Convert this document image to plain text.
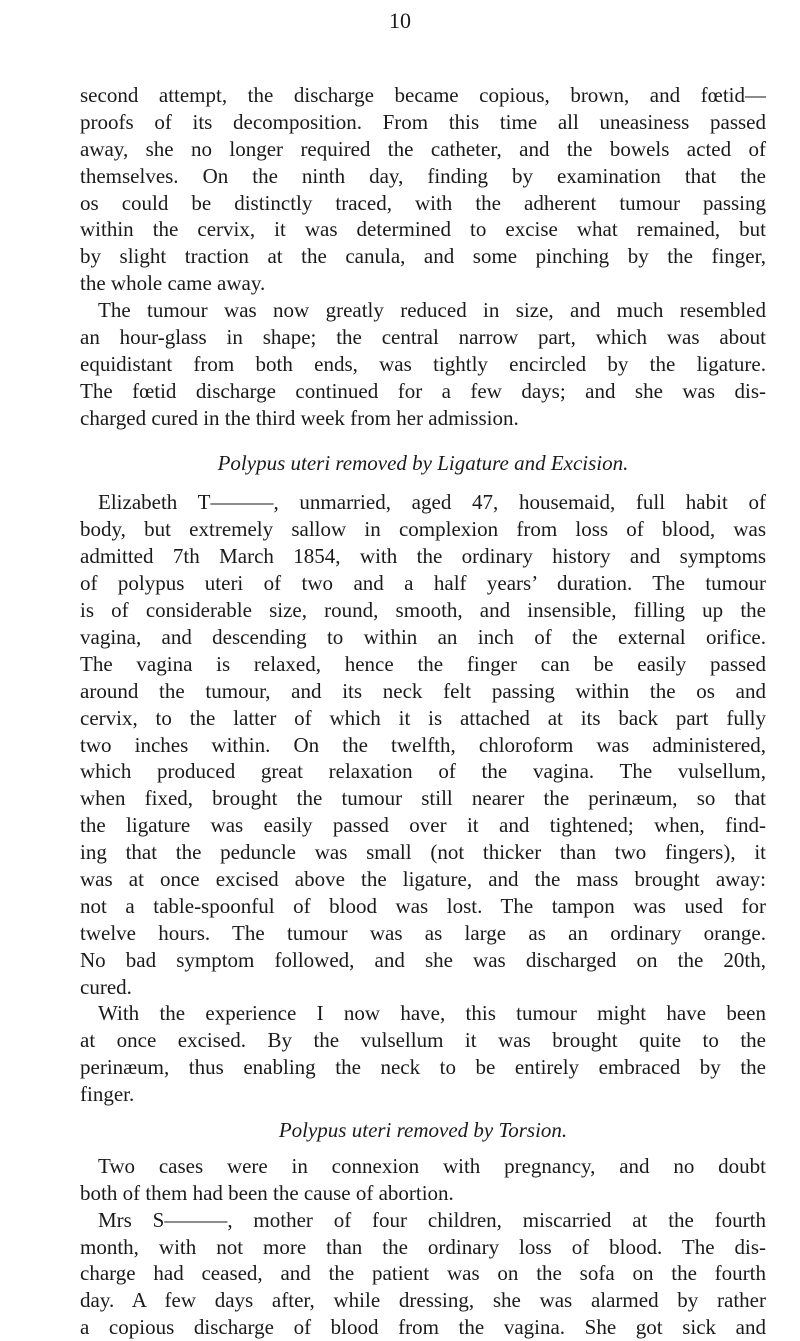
10
second attempt, the discharge became copious, brown, and fœtid—
proofs of its decomposition. From this time all uneasiness passed
away, she no longer required the catheter, and the bowels acted of
themselves. On the ninth day, finding by examination that the
os could be distinctly traced, with the adherent tumour passing
within the cervix, it was determined to excise what remained, but
by slight traction at the canula, and some pinching by the finger,
the whole came away.
The tumour was now greatly reduced in size, and much resembled
an hour-glass in shape; the central narrow part, which was about
equidistant from both ends, was tightly encircled by the ligature.
The fœtid discharge continued for a few days; and she was dis-
charged cured in the third week from her admission.
Polypus uteri removed by Ligature and Excision.
Elizabeth T———, unmarried, aged 47, housemaid, full habit of
body, but extremely sallow in complexion from loss of blood, was
admitted 7th March 1854, with the ordinary history and symptoms
of polypus uteri of two and a half years’ duration. The tumour
is of considerable size, round, smooth, and insensible, filling up the
vagina, and descending to within an inch of the external orifice.
The vagina is relaxed, hence the finger can be easily passed
around the tumour, and its neck felt passing within the os and
cervix, to the latter of which it is attached at its back part fully
two inches within. On the twelfth, chloroform was administered,
which produced great relaxation of the vagina. The vulsellum,
when fixed, brought the tumour still nearer the perinæum, so that
the ligature was easily passed over it and tightened; when, find-
ing that the peduncle was small (not thicker than two fingers), it
was at once excised above the ligature, and the mass brought away:
not a table-spoonful of blood was lost. The tampon was used for
twelve hours. The tumour was as large as an ordinary orange.
No bad symptom followed, and she was discharged on the 20th,
cured.
With the experience I now have, this tumour might have been
at once excised. By the vulsellum it was brought quite to the
perinæum, thus enabling the neck to be entirely embraced by the
finger.
Polypus uteri removed by Torsion.
Two cases were in connexion with pregnancy, and no doubt
both of them had been the cause of abortion.
Mrs S———, mother of four children, miscarried at the fourth
month, with not more than the ordinary loss of blood. The dis-
charge had ceased, and the patient was on the sofa on the fourth
day. A few days after, while dressing, she was alarmed by rather
a copious discharge of blood from the vagina. She got sick and
